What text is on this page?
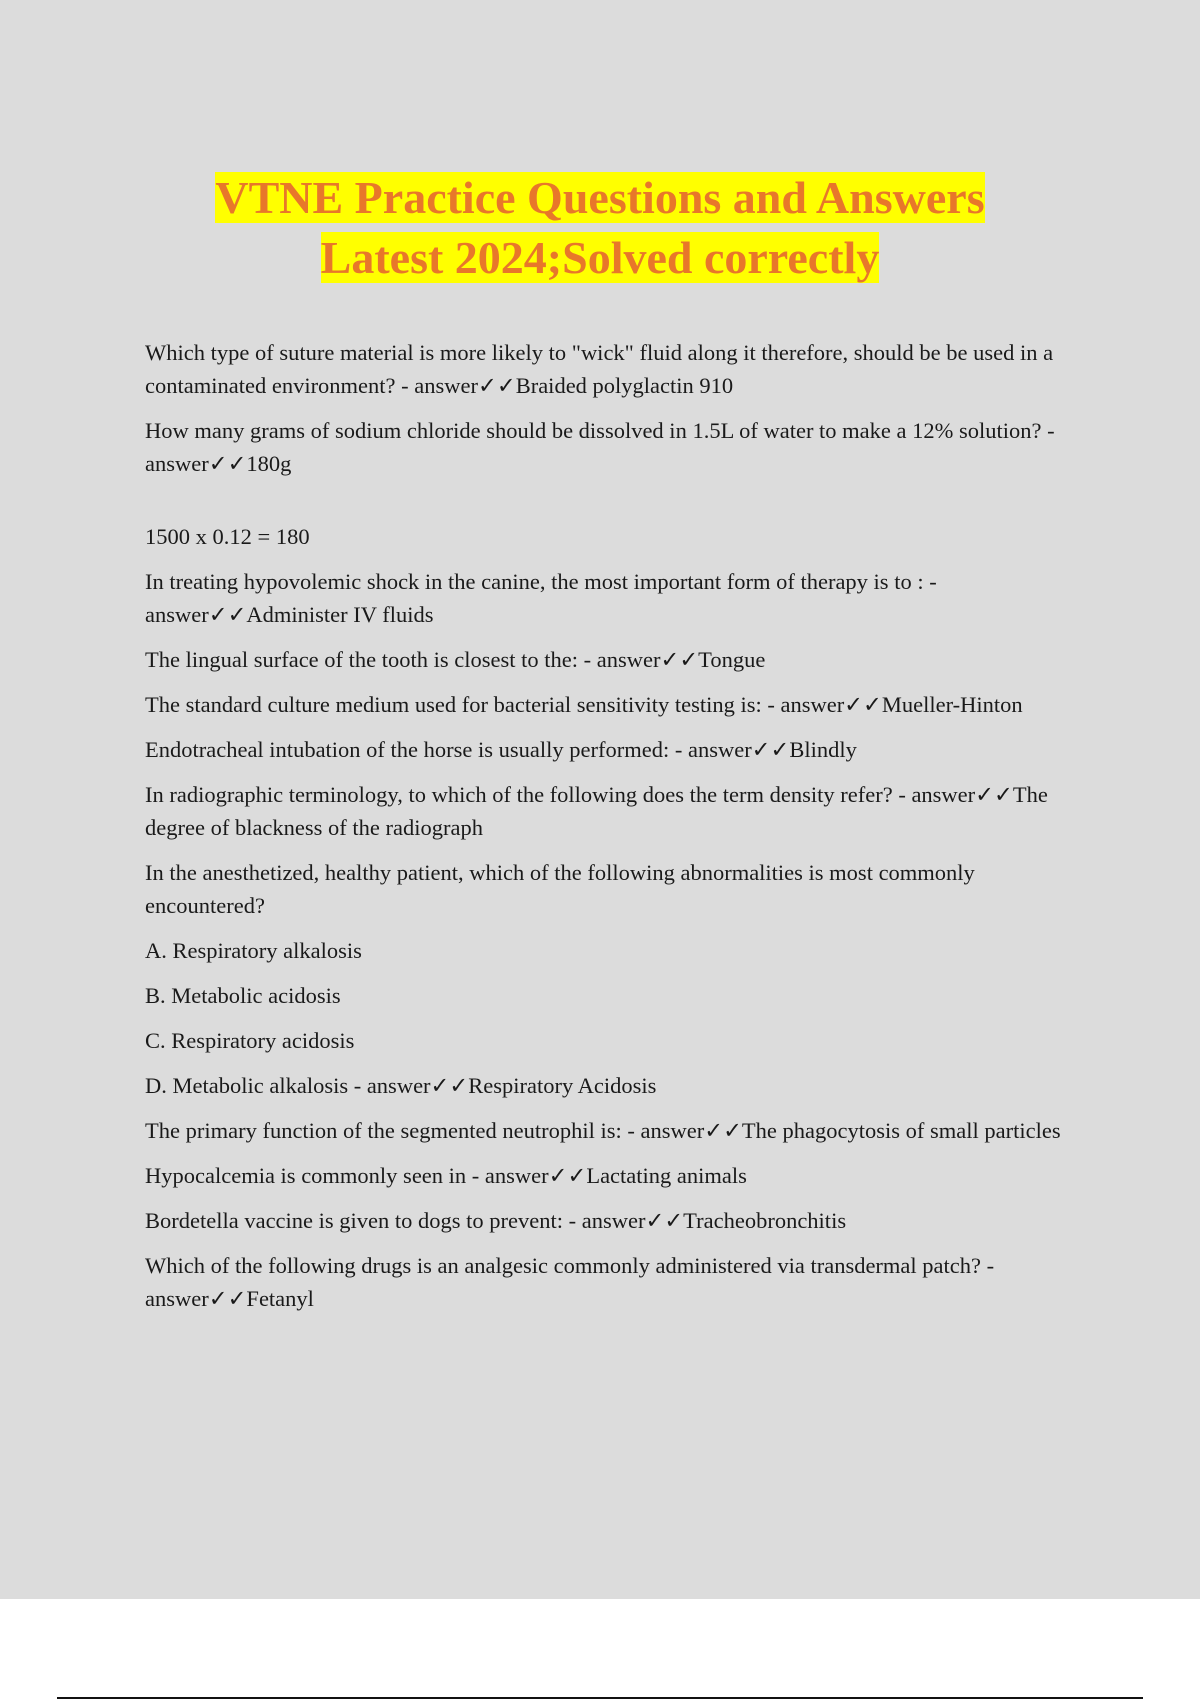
VTNE Practice Questions and Answers
Latest 2024;Solved correctly

Which type of suture material is more likely to "wick" fluid along it therefore, should be be used in a contaminated environment? - answer✓✓Braided polyglactin 910

How many grams of sodium chloride should be dissolved in 1.5L of water to make a 12% solution? - answer✓✓180g

1500 x 0.12 = 180

In treating hypovolemic shock in the canine, the most important form of therapy is to : - answer✓✓Administer IV fluids

The lingual surface of the tooth is closest to the: - answer✓✓Tongue

The standard culture medium used for bacterial sensitivity testing is: - answer✓✓Mueller-Hinton

Endotracheal intubation of the horse is usually performed: - answer✓✓Blindly

In radiographic terminology, to which of the following does the term density refer? - answer✓✓The degree of blackness of the radiograph

In the anesthetized, healthy patient, which of the following abnormalities is most commonly encountered?

A. Respiratory alkalosis

B. Metabolic acidosis

C. Respiratory acidosis

D. Metabolic alkalosis - answer✓✓Respiratory Acidosis

The primary function of the segmented neutrophil is: - answer✓✓The phagocytosis of small particles

Hypocalcemia is commonly seen in - answer✓✓Lactating animals

Bordetella vaccine is given to dogs to prevent: - answer✓✓Tracheobronchitis

Which of the following drugs is an analgesic commonly administered via transdermal patch? - answer✓✓Fetanyl
